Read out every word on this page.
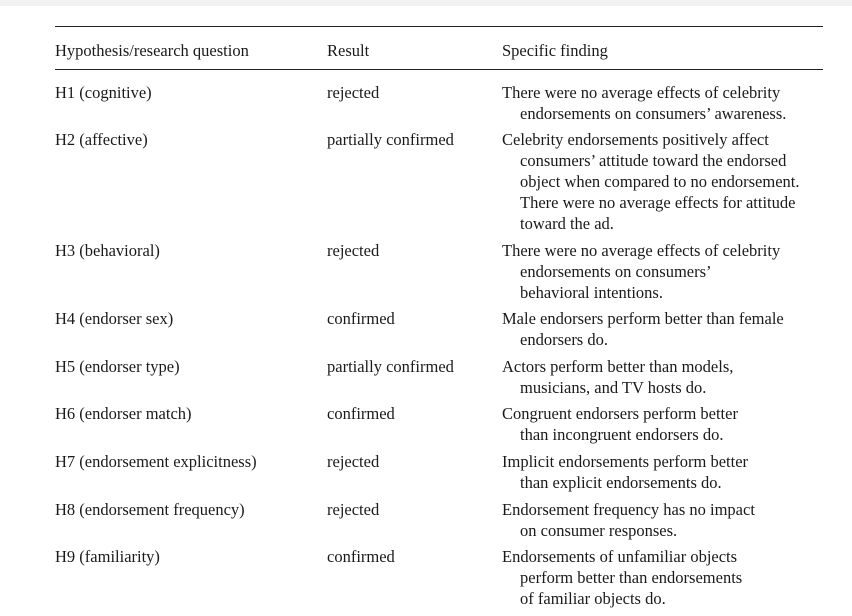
Hypothesis/research question	Result	Specific finding
H1 (cognitive)	rejected	There were no average effects of celebrity
endorsements on consumers’ awareness.
H2 (affective)	partially confirmed	Celebrity endorsements positively affect
consumers’ attitude toward the endorsed
object when compared to no endorsement.
There were no average effects for attitude
toward the ad.
H3 (behavioral)	rejected	There were no average effects of celebrity
endorsements on consumers’
behavioral intentions.
H4 (endorser sex)	confirmed	Male endorsers perform better than female
endorsers do.
H5 (endorser type)	partially confirmed	Actors perform better than models,
musicians, and TV hosts do.
H6 (endorser match)	confirmed	Congruent endorsers perform better
than incongruent endorsers do.
H7 (endorsement explicitness)	rejected	Implicit endorsements perform better
than explicit endorsements do.
H8 (endorsement frequency)	rejected	Endorsement frequency has no impact
on consumer responses.
H9 (familiarity)	confirmed	Endorsements of unfamiliar objects
perform better than endorsements
of familiar objects do.
